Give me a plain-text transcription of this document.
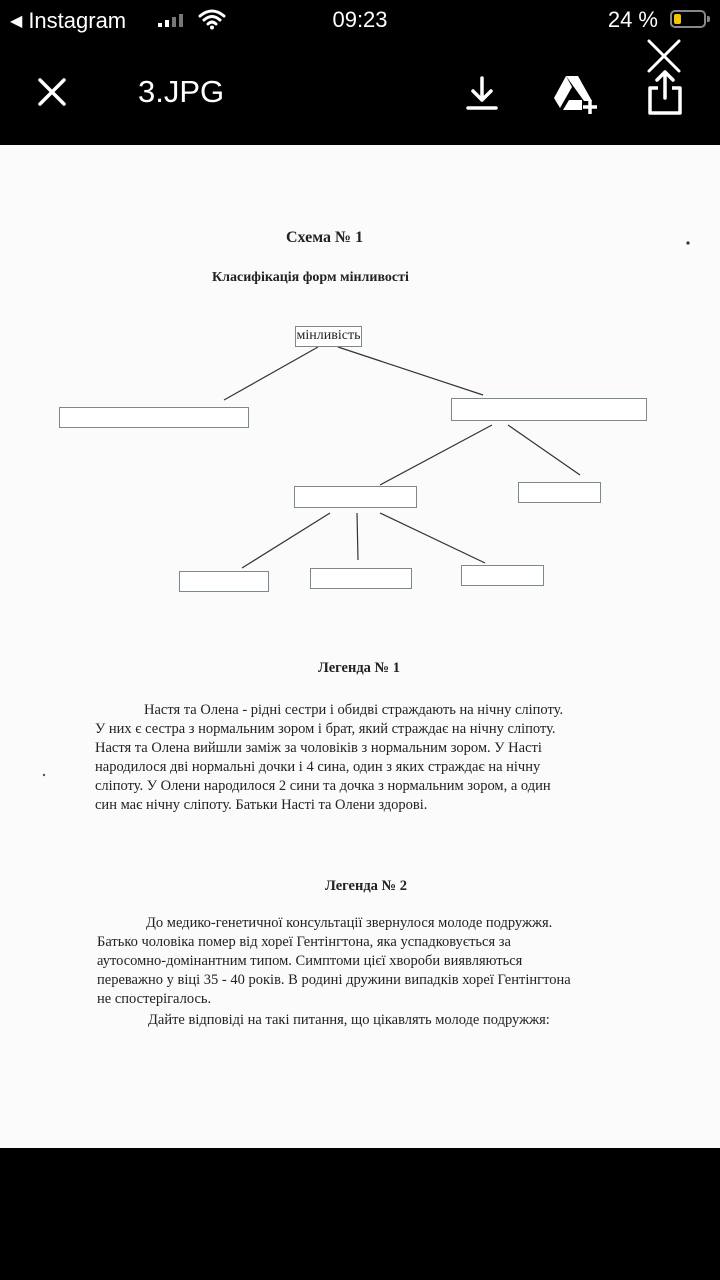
◀ Instagram	09:23	24 %
3.JPG
Схема № 1
Класифікація форм мінливості
мінливість
Легенда № 1
Настя та Олена - рідні сестри і обидві страждають на нічну сліпоту.
У них є сестра з нормальним зором і брат, який страждає на нічну сліпоту.
Настя та Олена вийшли заміж за чоловіків з нормальним зором. У Насті
народилося дві нормальні дочки і 4 сина, один з яких страждає на нічну
сліпоту. У Олени народилося 2 сини та дочка з нормальним зором, а один
син має нічну сліпоту. Батьки Насті та Олени здорові.
Легенда № 2
До медико-генетичної консультації звернулося молоде подружжя.
Батько чоловіка помер від хореї Гентінгтона, яка успадковується за
аутосомно-домінантним типом. Симптоми цієї хвороби виявляються
переважно у віці 35 - 40 років. В родині дружини випадків хореї Гентінгтона
не спостерігалось.
Дайте відповіді на такі питання, що цікавлять молоде подружжя:
